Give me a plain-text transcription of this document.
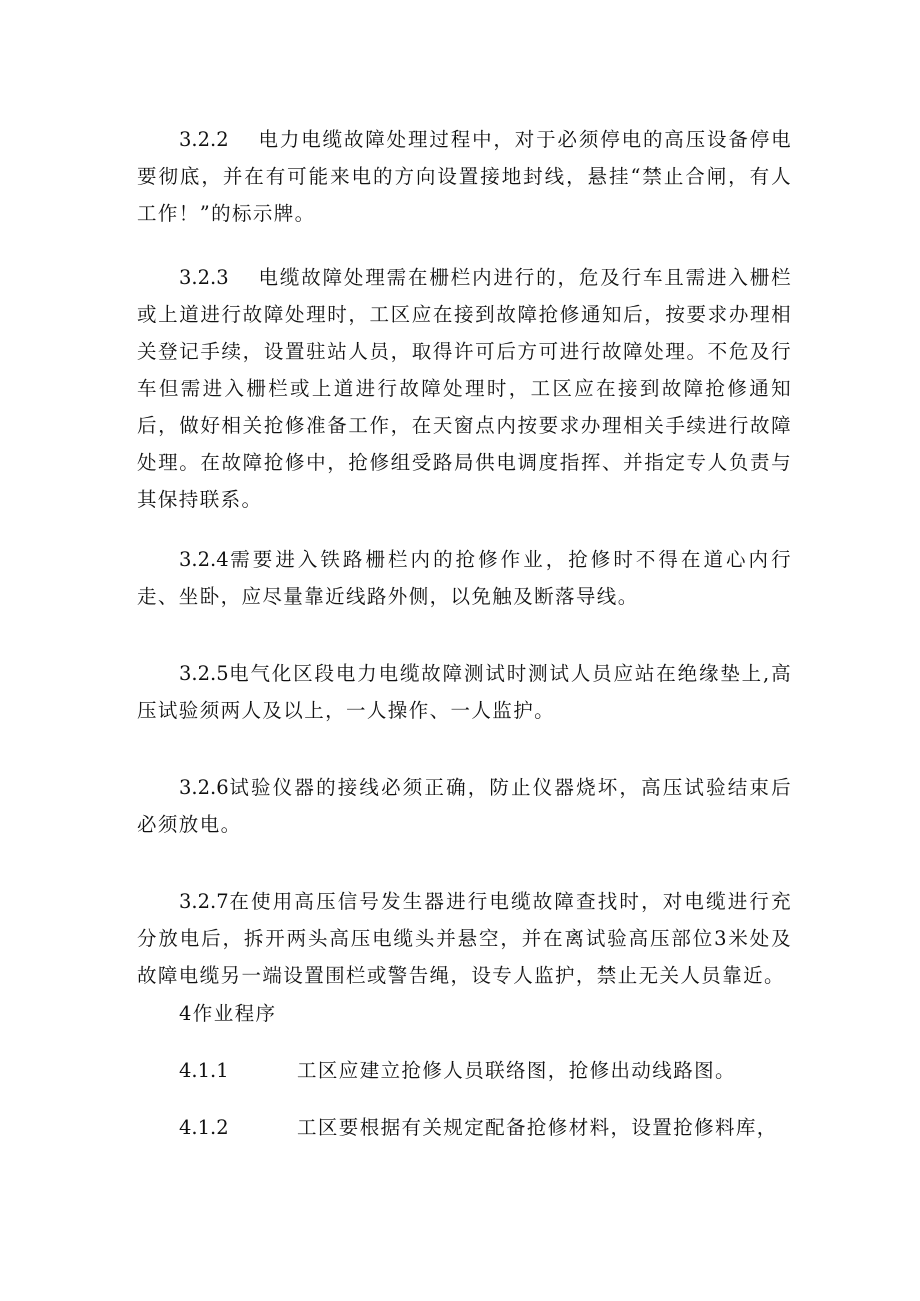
3.2.2　 电力电缆故障处理过程中，对于必须停电的高压设备停电要彻底，并在有可能来电的方向设置接地封线，悬挂“禁止合闸，有人工作！”的标示牌。

3.2.3　 电缆故障处理需在栅栏内进行的，危及行车且需进入栅栏或上道进行故障处理时，工区应在接到故障抢修通知后，按要求办理相关登记手续，设置驻站人员，取得许可后方可进行故障处理。不危及行车但需进入栅栏或上道进行故障处理时，工区应在接到故障抢修通知后，做好相关抢修准备工作，在天窗点内按要求办理相关手续进行故障处理。在故障抢修中，抢修组受路局供电调度指挥、并指定专人负责与其保持联系。

3.2.4需要进入铁路栅栏内的抢修作业，抢修时不得在道心内行走、坐卧，应尽量靠近线路外侧，以免触及断落导线。

3.2.5电气化区段电力电缆故障测试时测试人员应站在绝缘垫上,高压试验须两人及以上，一人操作、一人监护。

3.2.6试验仪器的接线必须正确，防止仪器烧坏，高压试验结束后必须放电。

3.2.7在使用高压信号发生器进行电缆故障查找时，对电缆进行充分放电后，拆开两头高压电缆头并悬空，并在离试验高压部位3米处及故障电缆另一端设置围栏或警告绳，设专人监护，禁止无关人员靠近。

4作业程序

4.1.1	工区应建立抢修人员联络图，抢修出动线路图。

4.1.2	工区要根据有关规定配备抢修材料，设置抢修料库，
